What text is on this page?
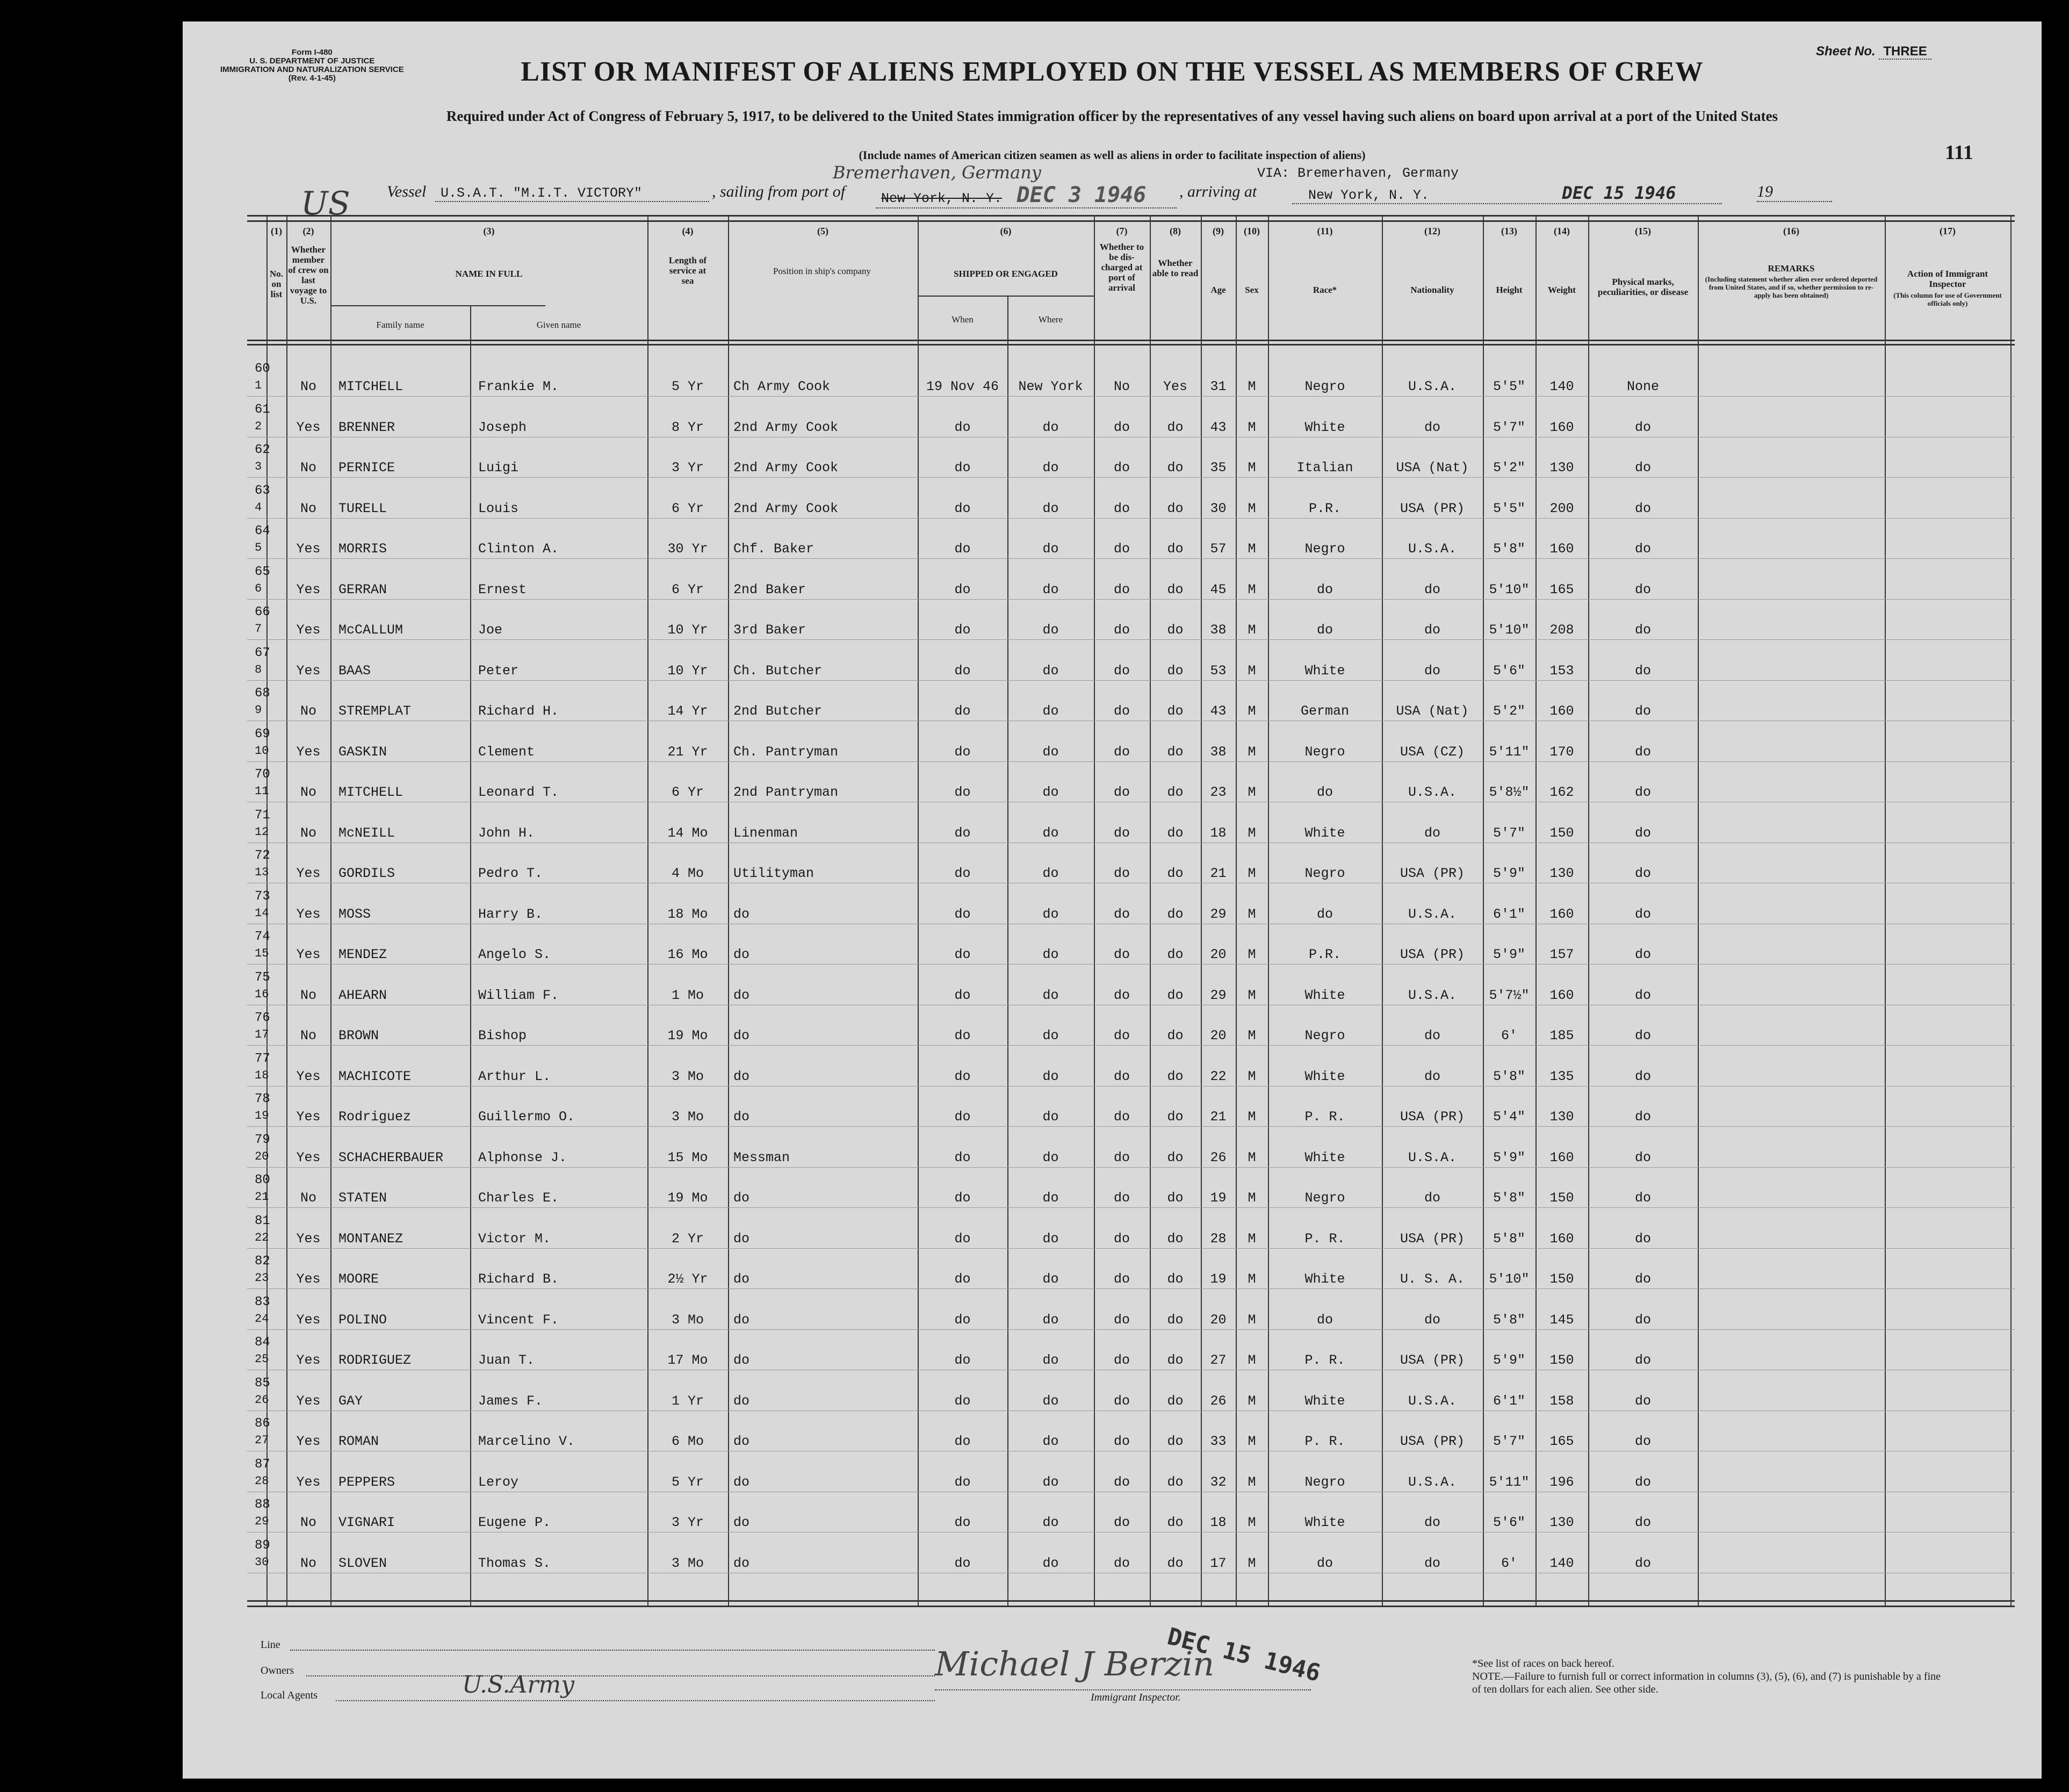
Form I-480
U. S. DEPARTMENT OF JUSTICE
IMMIGRATION AND NATURALIZATION SERVICE
(Rev. 4-1-45)
Sheet No. THREE
LIST OR MANIFEST OF ALIENS EMPLOYED ON THE VESSEL AS MEMBERS OF CREW
Required under Act of Congress of February 5, 1917, to be delivered to the United States immigration officer by the representatives of any vessel having such aliens on board upon arrival at a port of the United States
(Include names of American citizen seamen as well as aliens in order to facilitate inspection of aliens)	111
US Vessel	U.S.A.T. "M.I.T. VICTORY"	, sailing from port of
Bremerhaven, Germany
New York, N. Y. DEC 3 1946
VIA: Bremerhaven, Germany
, arriving at	New York, N. Y.	DEC 15 1946	19
(1)
No. on list
(2)
Whether member of crew on last voyage to U.S.
(3)
NAME IN FULL
Family name	Given name
(4)
Length of service at sea
(5)
Position in ship's company
(6)
SHIPPED OR ENGAGED
When	Where
(7)
Whether to be dis-charged at port of arrival
(8)
Whether able to read
(9)
Age
(10)
Sex
(11)
Race*
(12)
Nationality
(13)
Height
(14)
Weight
(15)
Physical marks, peculiarities, or disease
(16)
REMARKS
(Including statement whether alien ever ordered deported from United States, and if so, whether permission to re-apply has been obtained)
(17)
Action of Immigrant Inspector
(This column for use of Government officials only)
60
1	No	MITCHELL	Frankie M.	5 Yr	Ch Army Cook	19 Nov 46	New York	No	Yes	31	M	Negro	U.S.A.	5'5"	140	None
61
2	Yes	BRENNER	Joseph	8 Yr	2nd Army Cook	do	do	do	do	43	M	White	do	5'7"	160	do
62
3	No	PERNICE	Luigi	3 Yr	2nd Army Cook	do	do	do	do	35	M	Italian	USA (Nat)	5'2"	130	do
63
4	No	TURELL	Louis	6 Yr	2nd Army Cook	do	do	do	do	30	M	P.R.	USA (PR)	5'5"	200	do
64
5	Yes	MORRIS	Clinton A.	30 Yr	Chf. Baker	do	do	do	do	57	M	Negro	U.S.A.	5'8"	160	do
65
6	Yes	GERRAN	Ernest	6 Yr	2nd Baker	do	do	do	do	45	M	do	do	5'10"	165	do
66
7	Yes	McCALLUM	Joe	10 Yr	3rd Baker	do	do	do	do	38	M	do	do	5'10"	208	do
67
8	Yes	BAAS	Peter	10 Yr	Ch. Butcher	do	do	do	do	53	M	White	do	5'6"	153	do
68
9	No	STREMPLAT	Richard H.	14 Yr	2nd Butcher	do	do	do	do	43	M	German	USA (Nat)	5'2"	160	do
69
10	Yes	GASKIN	Clement	21 Yr	Ch. Pantryman	do	do	do	do	38	M	Negro	USA (CZ)	5'11"	170	do
70
11	No	MITCHELL	Leonard T.	6 Yr	2nd Pantryman	do	do	do	do	23	M	do	U.S.A.	5'8½"	162	do
71
12	No	McNEILL	John H.	14 Mo	Linenman	do	do	do	do	18	M	White	do	5'7"	150	do
72
13	Yes	GORDILS	Pedro T.	4 Mo	Utilityman	do	do	do	do	21	M	Negro	USA (PR)	5'9"	130	do
73
14	Yes	MOSS	Harry B.	18 Mo	do	do	do	do	do	29	M	do	U.S.A.	6'1"	160	do
74
15	Yes	MENDEZ	Angelo S.	16 Mo	do	do	do	do	do	20	M	P.R.	USA (PR)	5'9"	157	do
75
16	No	AHEARN	William F.	1 Mo	do	do	do	do	do	29	M	White	U.S.A.	5'7½"	160	do
76
17	No	BROWN	Bishop	19 Mo	do	do	do	do	do	20	M	Negro	do	6'	185	do
77
18	Yes	MACHICOTE	Arthur L.	3 Mo	do	do	do	do	do	22	M	White	do	5'8"	135	do
78
19	Yes	Rodriguez	Guillermo O.	3 Mo	do	do	do	do	do	21	M	P. R.	USA (PR)	5'4"	130	do
79
20	Yes	SCHACHERBAUER	Alphonse J.	15 Mo	Messman	do	do	do	do	26	M	White	U.S.A.	5'9"	160	do
80
21	No	STATEN	Charles E.	19 Mo	do	do	do	do	do	19	M	Negro	do	5'8"	150	do
81
22	Yes	MONTANEZ	Victor M.	2 Yr	do	do	do	do	do	28	M	P. R.	USA (PR)	5'8"	160	do
82
23	Yes	MOORE	Richard B.	2½ Yr	do	do	do	do	do	19	M	White	U. S. A.	5'10"	150	do
83
24	Yes	POLINO	Vincent F.	3 Mo	do	do	do	do	do	20	M	do	do	5'8"	145	do
84
25	Yes	RODRIGUEZ	Juan T.	17 Mo	do	do	do	do	do	27	M	P. R.	USA (PR)	5'9"	150	do
85
26	Yes	GAY	James F.	1 Yr	do	do	do	do	do	26	M	White	U.S.A.	6'1"	158	do
86
27	Yes	ROMAN	Marcelino V.	6 Mo	do	do	do	do	do	33	M	P. R.	USA (PR)	5'7"	165	do
87
28	Yes	PEPPERS	Leroy	5 Yr	do	do	do	do	do	32	M	Negro	U.S.A.	5'11"	196	do
88
29	No	VIGNARI	Eugene P.	3 Yr	do	do	do	do	do	18	M	White	do	5'6"	130	do
89
30	No	SLOVEN	Thomas S.	3 Mo	do	do	do	do	do	17	M	do	do	6'	140	do
Line
Owners
Local Agents	U.S.Army
Michael J Berzin
DEC 15 1946
Immigrant Inspector.
*See list of races on back hereof.
NOTE.—Failure to furnish full or correct information in columns (3), (5), (6), and (7) is punishable by a fine of ten dollars for each alien. See other side.
